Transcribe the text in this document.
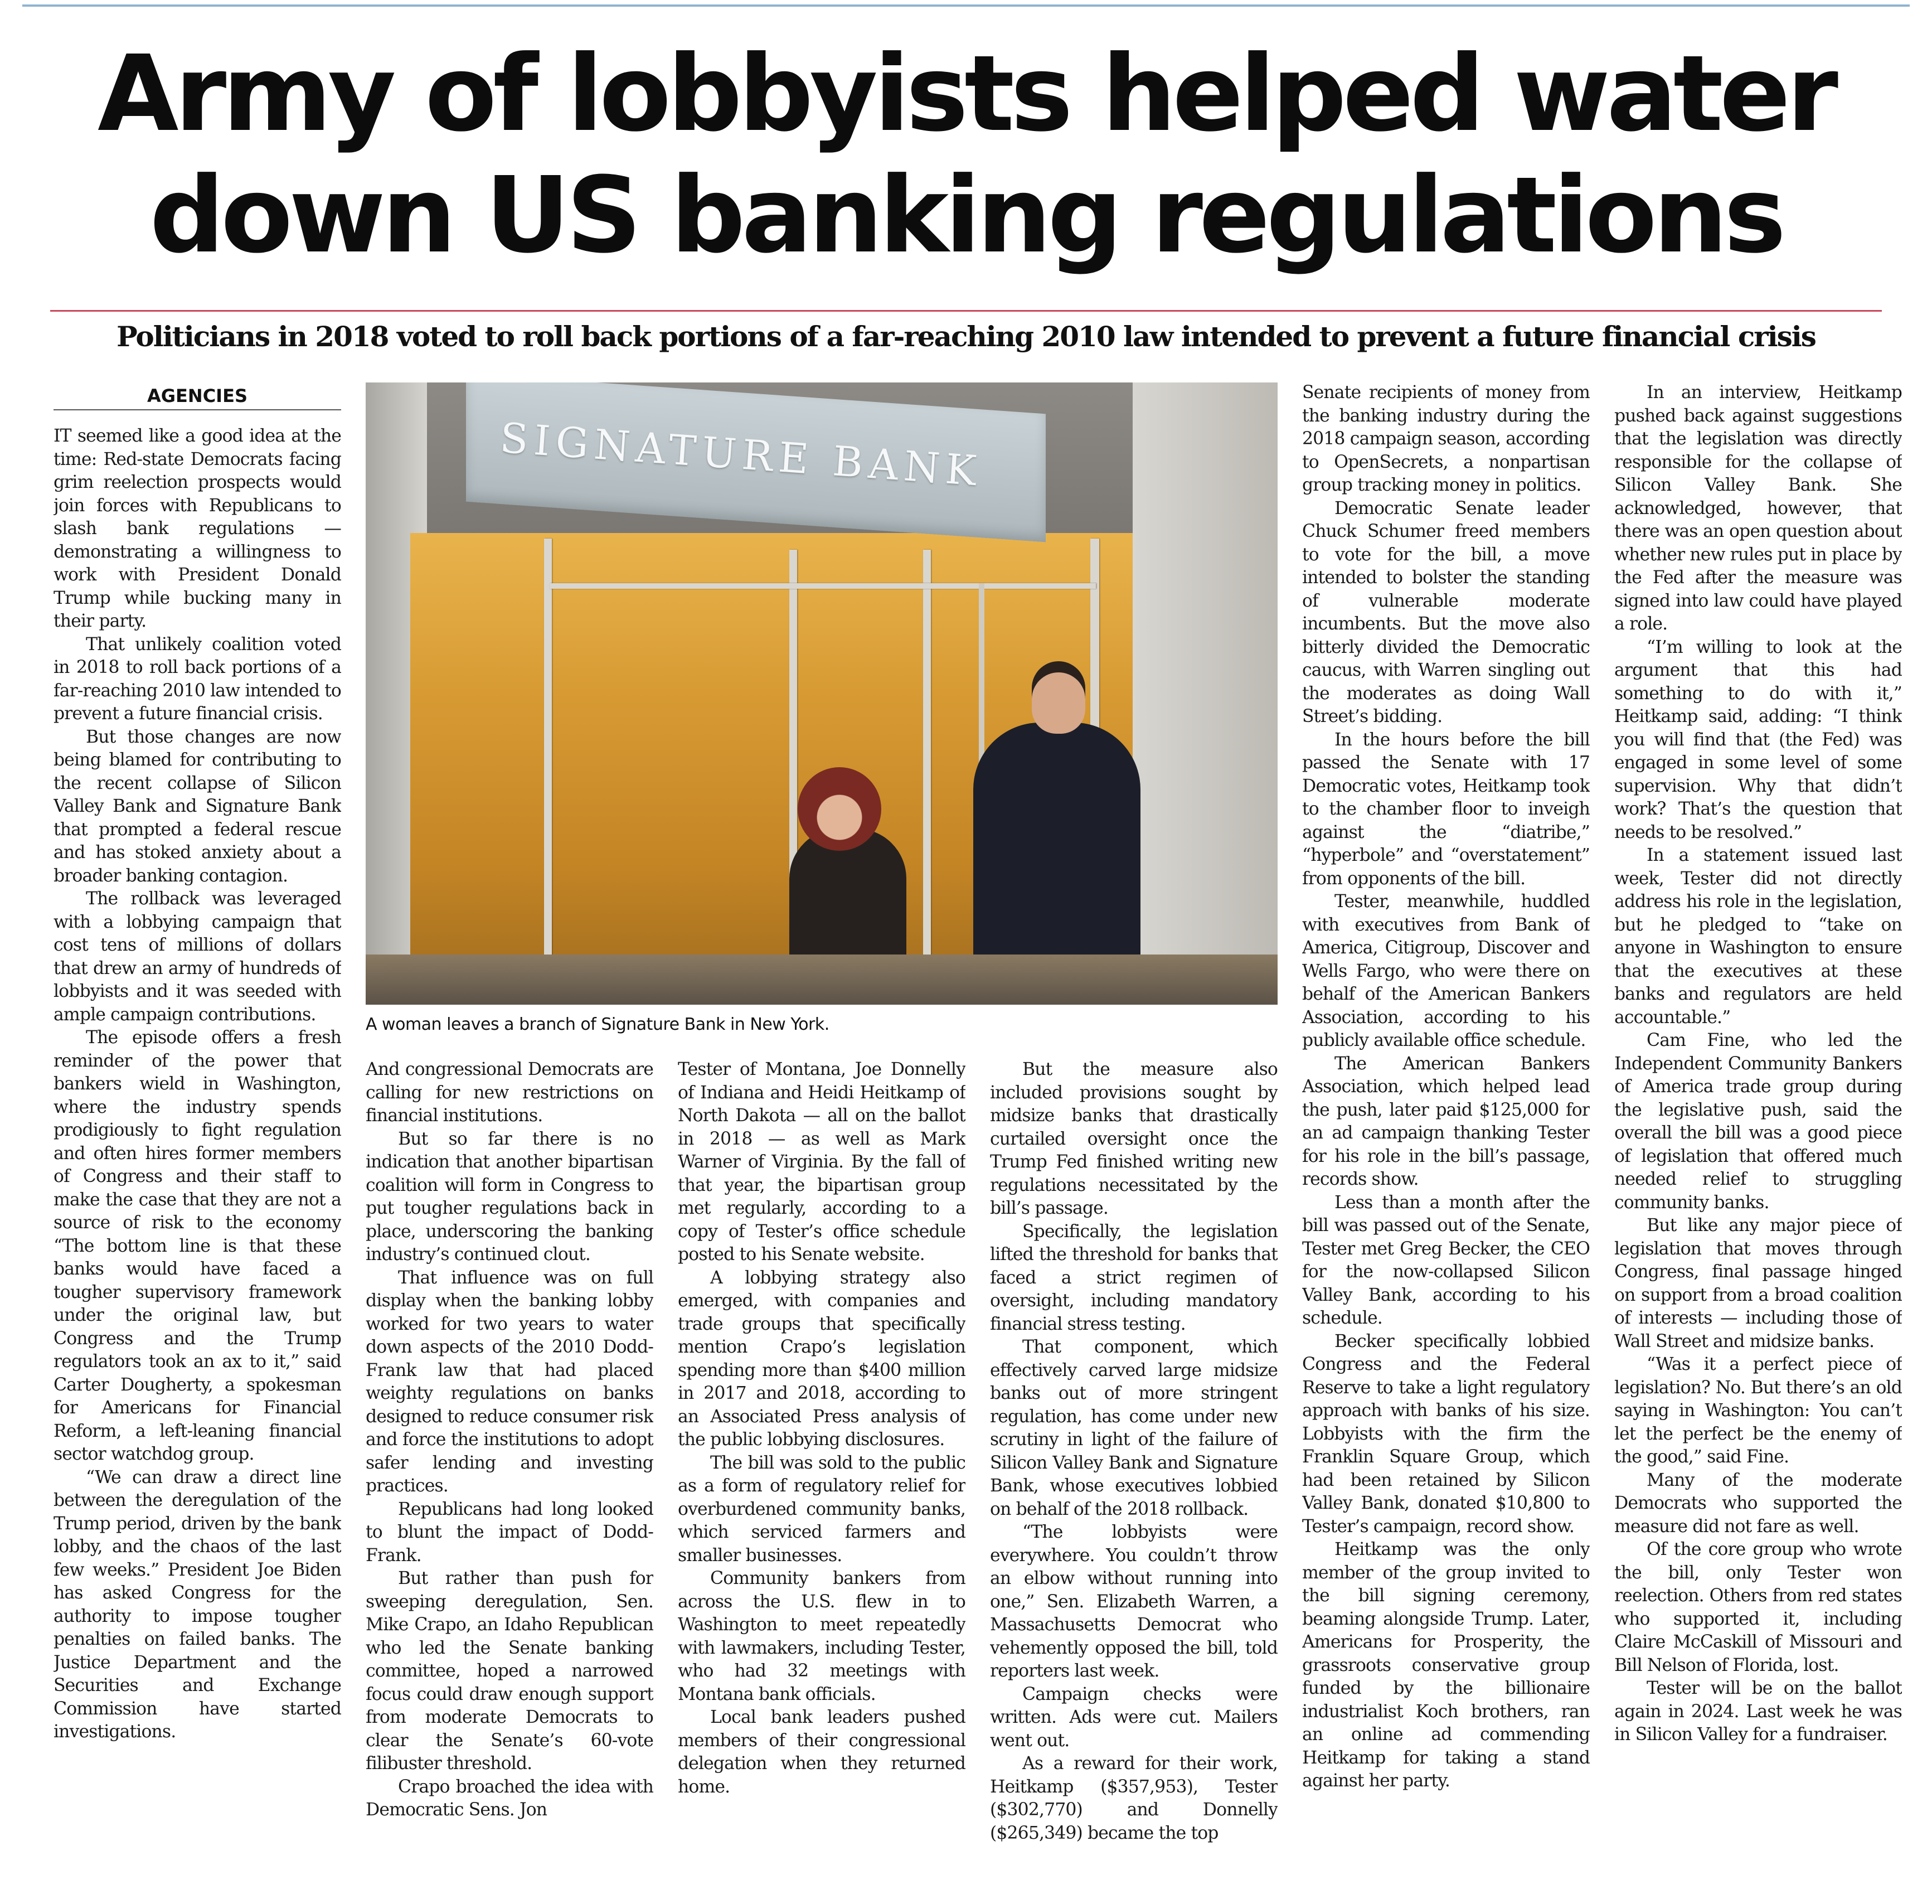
Army of lobbyists helped water
down US banking regulations
Politicians in 2018 voted to roll back portions of a far-reaching 2010 law intended to prevent a future financial crisis
AGENCIES
SIGNATURE BANK
A woman leaves a branch of Signature Bank in New York.

IT seemed like a good idea at the time: Red-state Democrats facing grim reelection prospects would join forces with Republicans to slash bank regulations — demonstrating a willingness to work with President Donald Trump while bucking many in their party.

That unlikely coalition voted in 2018 to roll back portions of a far-reaching 2010 law intended to prevent a future financial crisis.

But those changes are now being blamed for contributing to the recent collapse of Silicon Valley Bank and Signature Bank that prompted a federal rescue and has stoked anxiety about a broader banking contagion.

The rollback was leveraged with a lobbying campaign that cost tens of millions of dollars that drew an army of hundreds of lobbyists and it was seeded with ample campaign contributions.

The episode offers a fresh reminder of the power that bankers wield in Washington, where the industry spends prodigiously to fight regulation and often hires former members of Congress and their staff to make the case that they are not a source of risk to the economy “The bottom line is that these banks would have faced a tougher supervisory framework under the original law, but Congress and the Trump regulators took an ax to it,” said Carter Dougherty, a spokesman for Americans for Financial Reform, a left-leaning financial sector watchdog group.

“We can draw a direct line between the deregulation of the Trump period, driven by the bank lobby, and the chaos of the last few weeks.” President Joe Biden has asked Congress for the authority to impose tougher penalties on failed banks. The Justice Department and the Securities and Exchange Commission have started investigations.

And congressional Democrats are calling for new restrictions on financial institutions.

But so far there is no indication that another bipartisan coalition will form in Congress to put tougher regulations back in place, underscoring the banking industry’s continued clout.

That influence was on full display when the banking lobby worked for two years to water down aspects of the 2010 Dodd-Frank law that had placed weighty regulations on banks designed to reduce consumer risk and force the institutions to adopt safer lending and investing practices.

Republicans had long looked to blunt the impact of Dodd-Frank.

But rather than push for sweeping deregulation, Sen. Mike Crapo, an Idaho Republican who led the Senate banking committee, hoped a narrowed focus could draw enough support from moderate Democrats to clear the Senate’s 60-vote filibuster threshold.

Crapo broached the idea with Democratic Sens. Jon

Tester of Montana, Joe Donnelly of Indiana and Heidi Heitkamp of North Dakota — all on the ballot in 2018 — as well as Mark Warner of Virginia. By the fall of that year, the bipartisan group met regularly, according to a copy of Tester’s office schedule posted to his Senate website.

A lobbying strategy also emerged, with companies and trade groups that specifically mention Crapo’s legislation spending more than $400 million in 2017 and 2018, according to an Associated Press analysis of the public lobbying disclosures.

The bill was sold to the public as a form of regulatory relief for overburdened community banks, which serviced farmers and smaller businesses.

Community bankers from across the U.S. flew in to Washington to meet repeatedly with lawmakers, including Tester, who had 32 meetings with Montana bank officials.

Local bank leaders pushed members of their congressional delegation when they returned home.

But the measure also included provisions sought by midsize banks that drastically curtailed oversight once the Trump Fed finished writing new regulations necessitated by the bill’s passage.

Specifically, the legislation lifted the threshold for banks that faced a strict regimen of oversight, including mandatory financial stress testing.

That component, which effectively carved large midsize banks out of more stringent regulation, has come under new scrutiny in light of the failure of Silicon Valley Bank and Signature Bank, whose executives lobbied on behalf of the 2018 rollback.

“The lobbyists were everywhere. You couldn’t throw an elbow without running into one,” Sen. Elizabeth Warren, a Massachusetts Democrat who vehemently opposed the bill, told reporters last week.

Campaign checks were written. Ads were cut. Mailers went out.

As a reward for their work, Heitkamp ($357,953), Tester ($302,770) and Donnelly ($265,349) became the top

Senate recipients of money from the banking industry during the 2018 campaign season, according to OpenSecrets, a nonpartisan group tracking money in politics.

Democratic Senate leader Chuck Schumer freed members to vote for the bill, a move intended to bolster the standing of vulnerable moderate incumbents. But the move also bitterly divided the Democratic caucus, with Warren singling out the moderates as doing Wall Street’s bidding.

In the hours before the bill passed the Senate with 17 Democratic votes, Heitkamp took to the chamber floor to inveigh against the “diatribe,” “hyperbole” and “overstatement” from opponents of the bill.

Tester, meanwhile, huddled with executives from Bank of America, Citigroup, Discover and Wells Fargo, who were there on behalf of the American Bankers Association, according to his publicly available office schedule.

The American Bankers Association, which helped lead the push, later paid $125,000 for an ad campaign thanking Tester for his role in the bill’s passage, records show.

Less than a month after the bill was passed out of the Senate, Tester met Greg Becker, the CEO for the now-collapsed Silicon Valley Bank, according to his schedule.

Becker specifically lobbied Congress and the Federal Reserve to take a light regulatory approach with banks of his size. Lobbyists with the firm the Franklin Square Group, which had been retained by Silicon Valley Bank, donated $10,800 to Tester’s campaign, record show.

Heitkamp was the only member of the group invited to the bill signing ceremony, beaming alongside Trump. Later, Americans for Prosperity, the grassroots conservative group funded by the billionaire industrialist Koch brothers, ran an online ad commending Heitkamp for taking a stand against her party.

In an interview, Heitkamp pushed back against suggestions that the legislation was directly responsible for the collapse of Silicon Valley Bank. She acknowledged, however, that there was an open question about whether new rules put in place by the Fed after the measure was signed into law could have played a role.

“I’m willing to look at the argument that this had something to do with it,” Heitkamp said, adding: “I think you will find that (the Fed) was engaged in some level of some supervision. Why that didn’t work? That’s the question that needs to be resolved.”

In a statement issued last week, Tester did not directly address his role in the legislation, but he pledged to “take on anyone in Washington to ensure that the executives at these banks and regulators are held accountable.”

Cam Fine, who led the Independent Community Bankers of America trade group during the legislative push, said the overall the bill was a good piece of legislation that offered much needed relief to struggling community banks.

But like any major piece of legislation that moves through Congress, final passage hinged on support from a broad coalition of interests — including those of Wall Street and midsize banks.

“Was it a perfect piece of legislation? No. But there’s an old saying in Washington: You can’t let the perfect be the enemy of the good,” said Fine.

Many of the moderate Democrats who supported the measure did not fare as well.

Of the core group who wrote the bill, only Tester won reelection. Others from red states who supported it, including Claire McCaskill of Missouri and Bill Nelson of Florida, lost.

Tester will be on the ballot again in 2024. Last week he was in Silicon Valley for a fundraiser.
